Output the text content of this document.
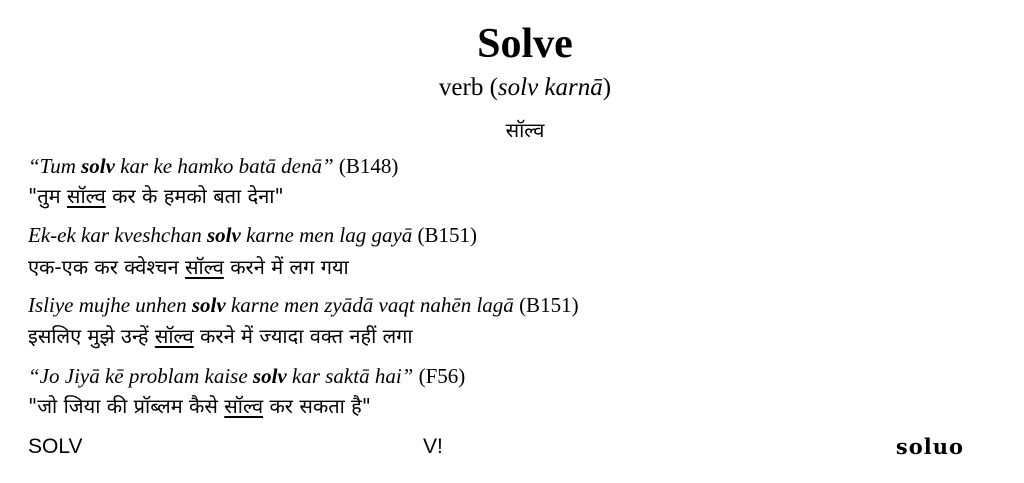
Solve
verb (solv karnā)
सॉल्व
“Tum solv kar ke hamko batā denā” (B148)
"तुम सॉल्व कर के हमको बता देना"
Ek-ek kar kveshchan solv karne men lag gayā (B151)
एक-एक कर क्वेश्चन सॉल्व करने में लग गया
Isliye mujhe unhen solv karne men zyādā vaqt nahēn lagā (B151)
इसलिए मुझे उन्हें सॉल्व करने में ज्यादा वक्त नहीं लगा
“Jo Jiyā kē problam kaise solv kar saktā hai” (F56)
"जो जिया की प्रॉब्लम कैसे सॉल्व कर सकता है"
SOLV	V!	soluo
